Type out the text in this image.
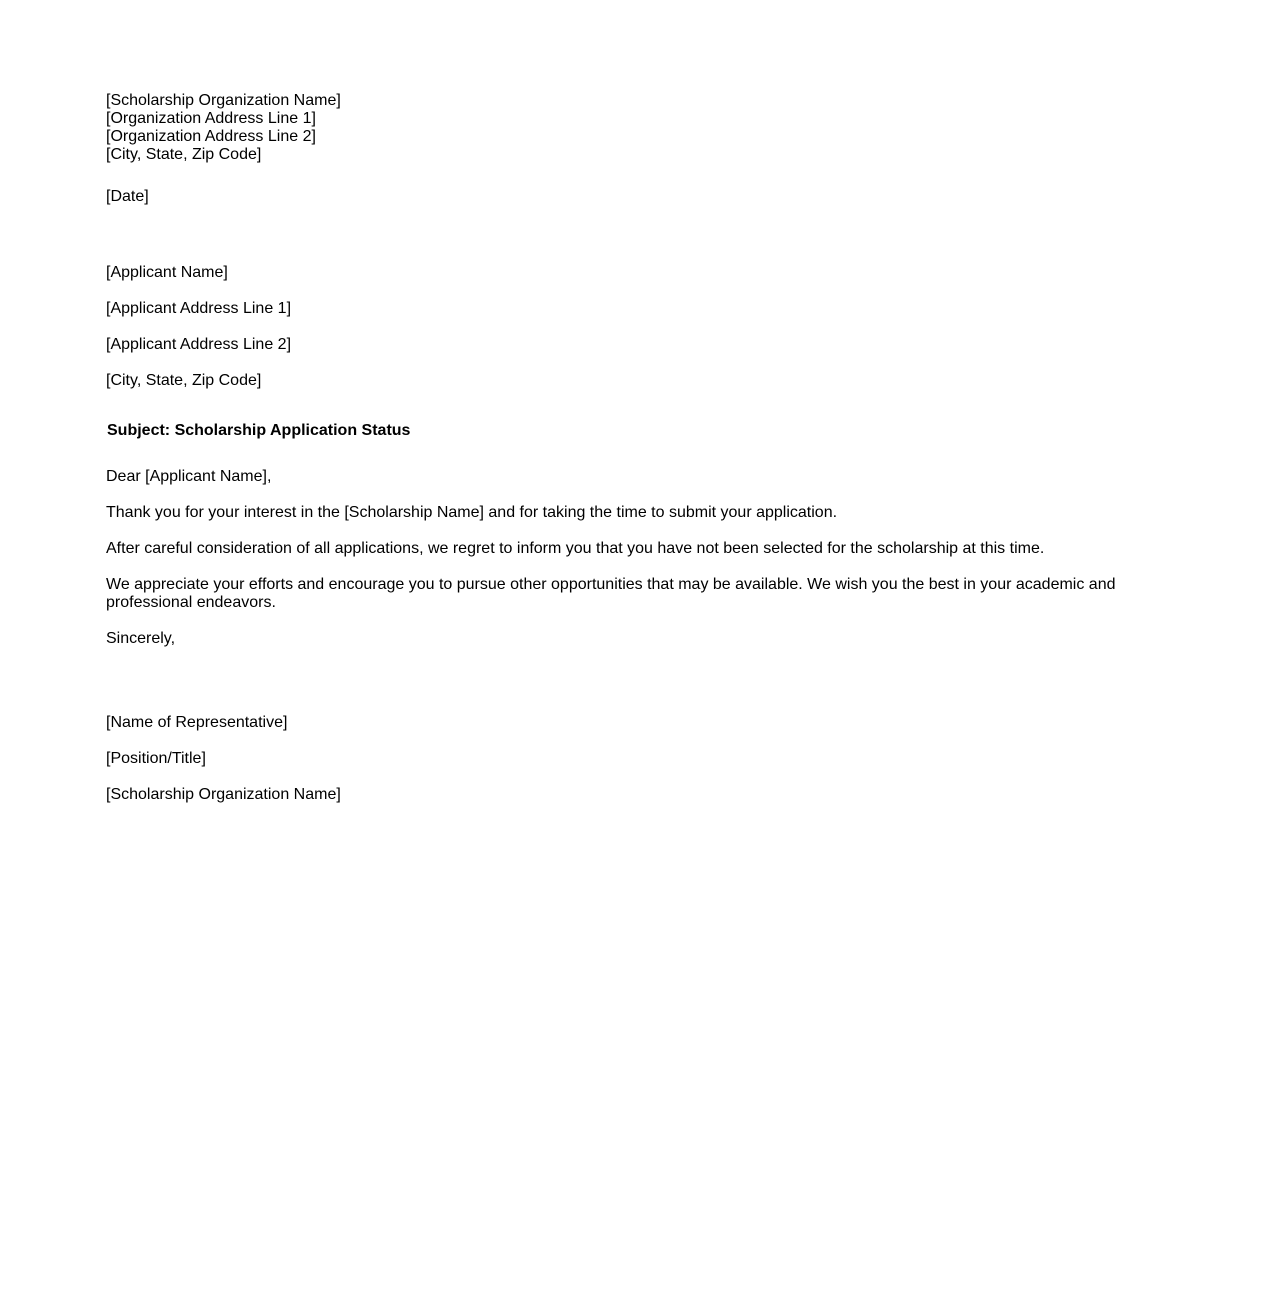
[Scholarship Organization Name]
[Organization Address Line 1]
[Organization Address Line 2]
[City, State, Zip Code]
[Date]
[Applicant Name]
[Applicant Address Line 1]
[Applicant Address Line 2]
[City, State, Zip Code]
Subject: Scholarship Application Status
Dear [Applicant Name],
Thank you for your interest in the [Scholarship Name] and for taking the time to submit your application.
After careful consideration of all applications, we regret to inform you that you have not been selected for the scholarship at this time.
We appreciate your efforts and encourage you to pursue other opportunities that may be available. We wish you the best in your academic and professional endeavors.
Sincerely,
[Name of Representative]
[Position/Title]
[Scholarship Organization Name]
